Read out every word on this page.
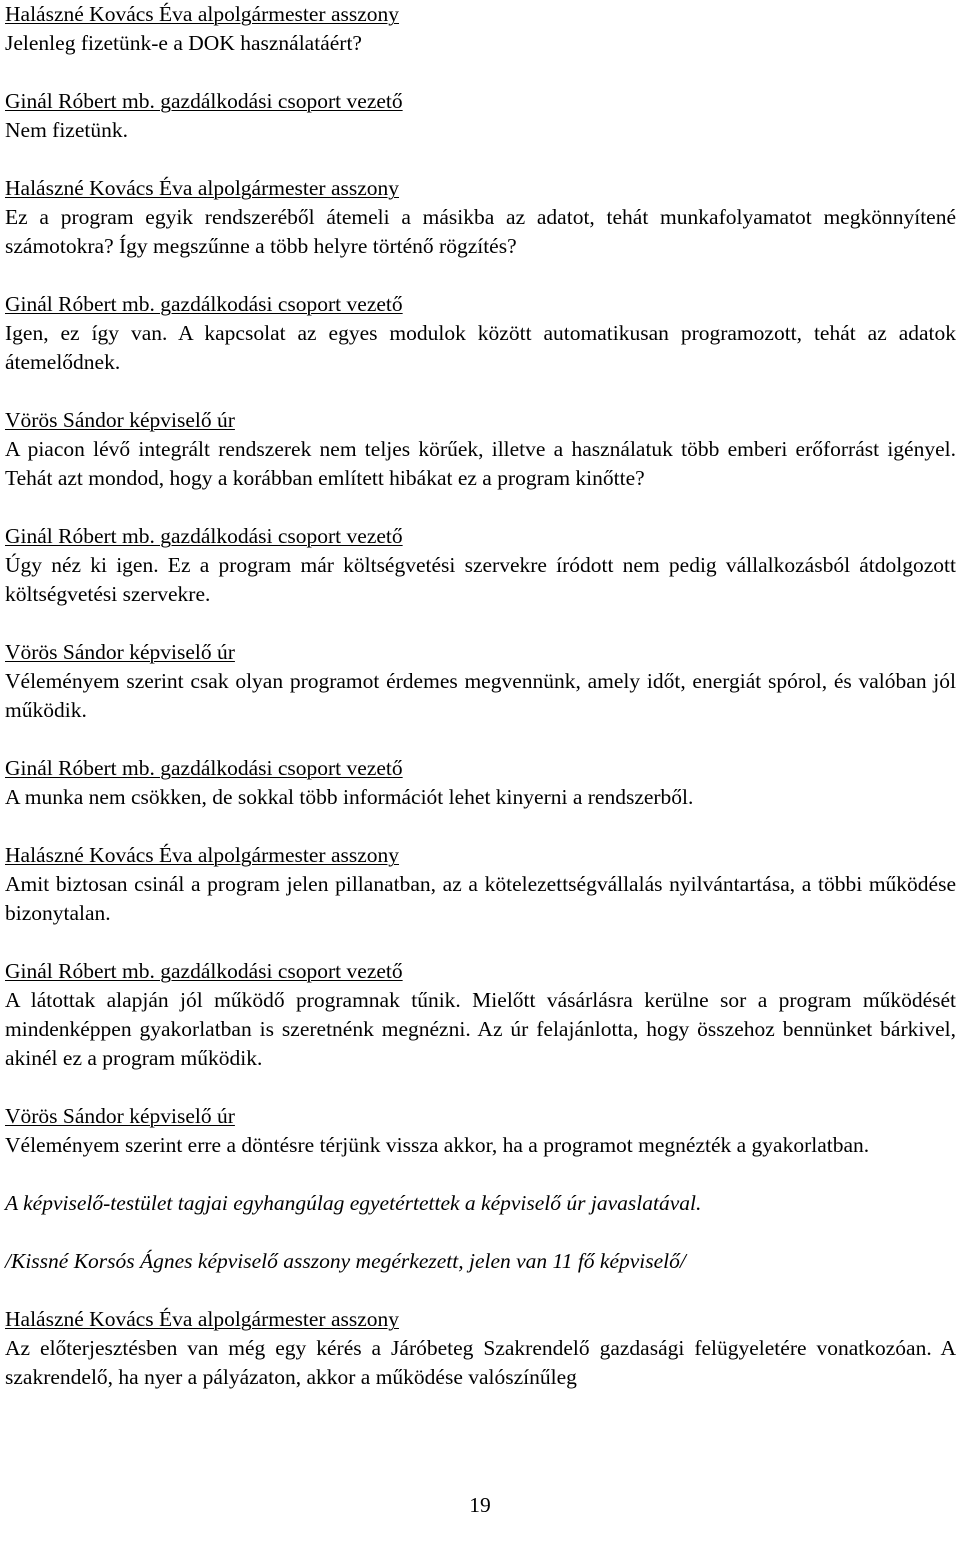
Halászné Kovács Éva alpolgármester asszony
Jelenleg fizetünk-e a DOK használatáért?
Ginál Róbert mb. gazdálkodási csoport vezető
Nem fizetünk.
Halászné Kovács Éva alpolgármester asszony
Ez a program egyik rendszeréből átemeli a másikba az adatot, tehát munkafolyamatot megkönnyítené számotokra? Így megszűnne a több helyre történő rögzítés?
Ginál Róbert mb. gazdálkodási csoport vezető
Igen, ez így van. A kapcsolat az egyes modulok között automatikusan programozott, tehát az adatok átemelődnek.
Vörös Sándor képviselő úr
A piacon lévő integrált rendszerek nem teljes körűek, illetve a használatuk több emberi erőforrást igényel. Tehát azt mondod, hogy a korábban említett hibákat ez a program kinőtte?
Ginál Róbert mb. gazdálkodási csoport vezető
Úgy néz ki igen. Ez a program már költségvetési szervekre íródott nem pedig vállalkozásból átdolgozott költségvetési szervekre.
Vörös Sándor képviselő úr
Véleményem szerint csak olyan programot érdemes megvennünk, amely időt, energiát spórol, és valóban jól működik.
Ginál Róbert mb. gazdálkodási csoport vezető
A munka nem csökken, de sokkal több információt lehet kinyerni a rendszerből.
Halászné Kovács Éva alpolgármester asszony
Amit biztosan csinál a program jelen pillanatban, az a kötelezettségvállalás nyilvántartása, a többi működése bizonytalan.
Ginál Róbert mb. gazdálkodási csoport vezető
A látottak alapján jól működő programnak tűnik. Mielőtt vásárlásra kerülne sor a program működését mindenképpen gyakorlatban is szeretnénk megnézni. Az úr felajánlotta, hogy összehoz bennünket bárkivel, akinél ez a program működik.
Vörös Sándor képviselő úr
Véleményem szerint erre a döntésre térjünk vissza akkor, ha a programot megnézték a gyakorlatban.
A képviselő-testület tagjai egyhangúlag egyetértettek a képviselő úr javaslatával.
/Kissné Korsós Ágnes képviselő asszony megérkezett, jelen van 11 fő képviselő/
Halászné Kovács Éva alpolgármester asszony
Az előterjesztésben van még egy kérés a Járóbeteg Szakrendelő gazdasági felügyeletére vonatkozóan. A szakrendelő, ha nyer a pályázaton, akkor a működése valószínűleg
19
